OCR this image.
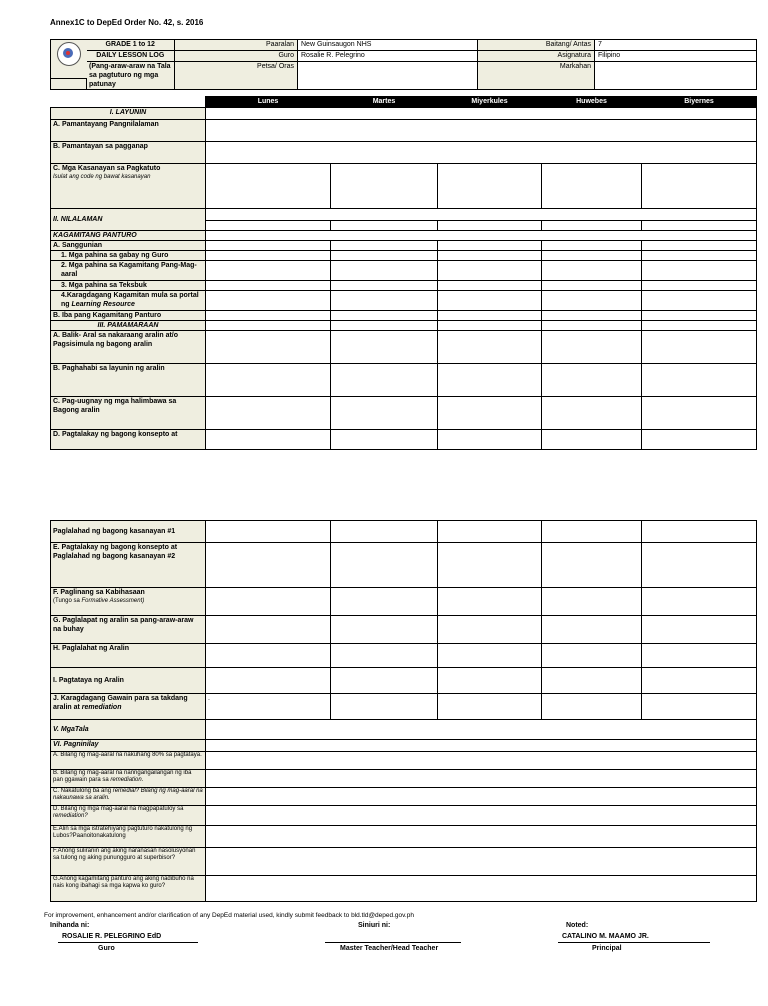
Annex1C to DepEd Order No. 42, s. 2016
	GRADE 1 to 12	Paaralan	New Guinsaugon NHS	Baitang/ Antas	7
	DAILY LESSON LOG	Guro	Rosalie R. Pelegrino	Asignatura	Filipino
	(Pang-araw-araw na Tala sa pagtuturo ng mga patunay	Petsa/ Oras		Markahan	

	Lunes	Martes	Miyerkules	Huwebes	Biyernes
I. LAYUNIN					
A. Pamantayang Pangnilalaman					
B. Pamantayan sa pagganap					

C. Mga Kasanayan sa Pagkatuto
Isulat ang code ng bawat kasanayan					

II. NILALAMAN					

KAGAMITANG PANTURO					
A. Sanggunian					
1. Mga pahina sa gabay ng Guro					
2. Mga pahina sa Kagamitang Pang-Mag-aaral					
3. Mga pahina sa Teksbuk					
4.Karagdagang Kagamitan mula sa portal ng Learning Resource					
B. Iba pang Kagamitang Panturo					
III. PAMAMARAAN					
A. Balik- Aral sa nakaraang aralin at/o Pagsisimula ng bagong aralin					
B. Paghahabi sa layunin ng aralin					
C. Pag-uugnay ng mga halimbawa sa Bagong aralin					
D. Pagtalakay ng bagong konsepto at					
Paglalahad ng bagong kasanayan #1					
E. Pagtalakay ng bagong konsepto at Paglalahad ng bagong kasanayan #2					

F. Paglinang sa Kabihasaan
(Tungo sa Formative Assessment)					

G. Paglalapat ng aralin sa pang-araw-araw na buhay					
H. Paglalahat ng Aralin					
I. Pagtataya ng Aralin					
J. Karagdagang Gawain para sa takdang aralin at remediation	.				
V. MgaTala					
VI. Pagninilay					
A. Bilang ng mag-aaral na nakuhang 80% sa pagtataya.					
B. Bilang ng mag-aaral na nanngangailangan ng iba pan ggawain para sa remediation.					
C. Nakatulong ba ang remedial? Bilang ng mag-aaral na nakaunawa sa aralin.					
D. Bilang ng mga mag-aaral na magpapatuloy sa remediation?					
E.Alin sa mga istratehiyang pagtuturo nakatulong ng Lubos?Paanoitonakatulong					
F.Anong suliranin ang aking naranasan nasolusyonan sa tulong ng aking punungguro at superbisor?					
G.Anong kagamitang panturo ang aking nadibuho na nais kong ibahagi sa mga kapwa ko guro?					
For improvement, enhancement and/or clarification of any DepEd material used, kindly submit feedback to bld.tld@deped.gov.ph
Inihanda ni:	Siniuri ni:	Noted:
ROSALIE R. PELEGRINO EdD	CATALINO M. MAAMO JR.
Guro	Master Teacher/Head Teacher	Principal
